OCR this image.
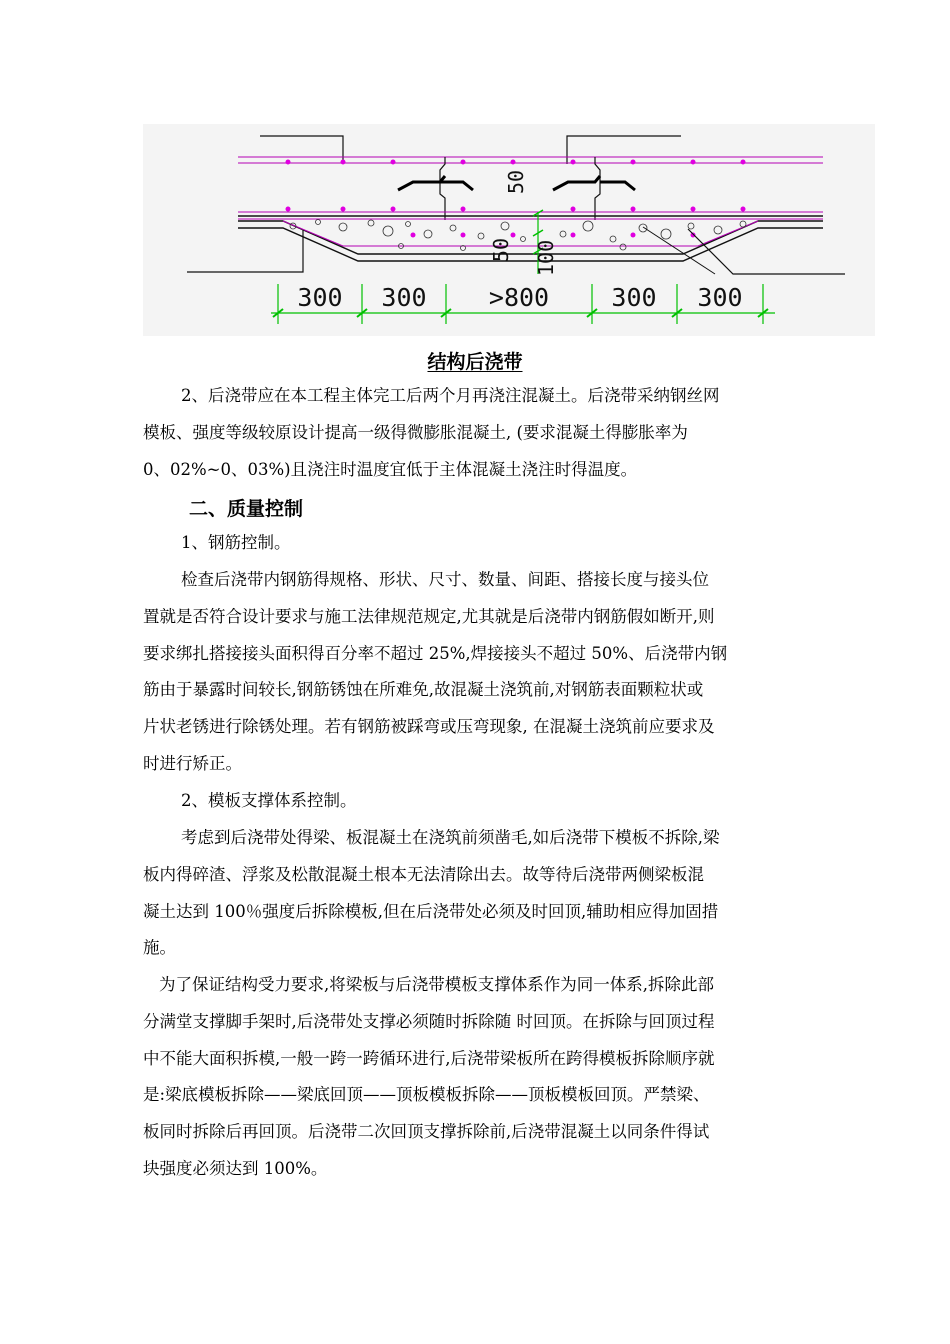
50
50 100
300 300 >800 300 300
结构后浇带
2、后浇带应在本工程主体完工后两个月再浇注混凝土。后浇带采纳钢丝网
模板、强度等级较原设计提高一级得微膨胀混凝土, (要求混凝土得膨胀率为
0、02%~0、03%)且浇注时温度宜低于主体混凝土浇注时得温度。
二、质量控制
1、钢筋控制。
检查后浇带内钢筋得规格、形状、尺寸、数量、间距、搭接长度与接头位
置就是否符合设计要求与施工法律规范规定,尤其就是后浇带内钢筋假如断开,则
要求绑扎搭接接头面积得百分率不超过 25%,焊接接头不超过 50%、后浇带内钢
筋由于暴露时间较长,钢筋锈蚀在所难免,故混凝土浇筑前,对钢筋表面颗粒状或
片状老锈进行除锈处理。若有钢筋被踩弯或压弯现象, 在混凝土浇筑前应要求及
时进行矫正。
2、模板支撑体系控制。
考虑到后浇带处得梁、板混凝土在浇筑前须凿毛,如后浇带下模板不拆除,梁
板内得碎渣、浮浆及松散混凝土根本无法清除出去。故等待后浇带两侧梁板混
凝土达到 100％强度后拆除模板,但在后浇带处必须及时回顶,辅助相应得加固措
施。
为了保证结构受力要求,将梁板与后浇带模板支撑体系作为同一体系,拆除此部
分满堂支撑脚手架时,后浇带处支撑必须随时拆除随 时回顶。在拆除与回顶过程
中不能大面积拆模,一般一跨一跨循环进行,后浇带梁板所在跨得模板拆除顺序就
是:梁底模板拆除——梁底回顶——顶板模板拆除——顶板模板回顶。严禁梁、
板同时拆除后再回顶。后浇带二次回顶支撑拆除前,后浇带混凝土以同条件得试
块强度必须达到 100%。
